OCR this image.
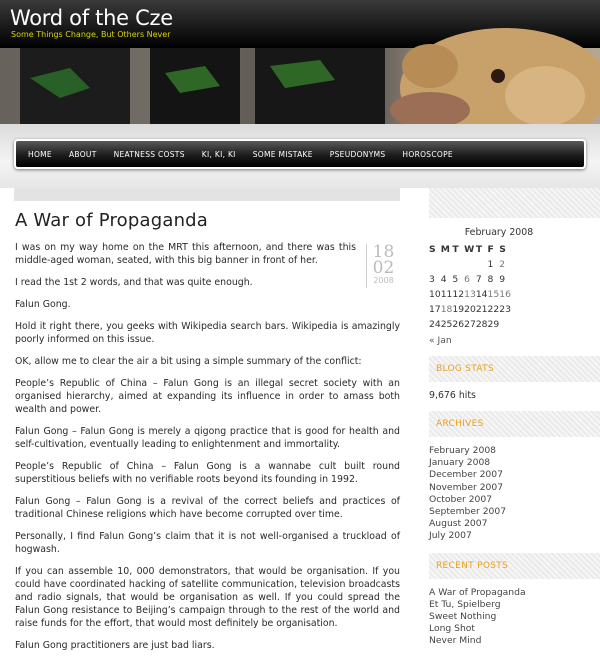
Word of the Cze
Some Things Change, But Others Never
HOME ABOUT NEATNESS COSTS KI, KI, KI SOME MISTAKE PSEUDONYMS HOROSCOPE
A War of Propaganda
18
02
2008

I was on my way home on the MRT this afternoon, and there was this middle-aged woman, seated, with this big banner in front of her.

I read the 1st 2 words, and that was quite enough.

Falun Gong.

Hold it right there, you geeks with Wikipedia search bars. Wikipedia is amazingly poorly informed on this issue.

OK, allow me to clear the air a bit using a simple summary of the conflict:

People’s Republic of China – Falun Gong is an illegal secret society with an organised hierarchy, aimed at expanding its influence in order to amass both wealth and power.

Falun Gong – Falun Gong is merely a qigong practice that is good for health and self-cultivation, eventually leading to enlightenment and immortality.

People’s Republic of China – Falun Gong is a wannabe cult built round superstitious beliefs with no verifiable roots beyond its founding in 1992.

Falun Gong – Falun Gong is a revival of the correct beliefs and practices of traditional Chinese religions which have become corrupted over time.

Personally, I find Falun Gong’s claim that it is not well-organised a truckload of hogwash.

If you can assemble 10, 000 demonstrators, that would be organisation. If you could have coordinated hacking of satellite communication, television broadcasts and radio signals, that would be organisation as well. If you could spread the Falun Gong resistance to Beijing’s campaign through to the rest of the world and raise funds for the effort, that would most definitely be organisation.

Falun Gong practitioners are just bad liars.

February 2008
S	M	T	W	T	F	S
					1	2
3	4	5	6	7	8	9
10	11	12	13	14	15	16
17	18	19	20	21	22	23
24	25	26	27	28	29	
« Jan
BLOG STATS
9,676 hits
ARCHIVES
February 2008
January 2008
December 2007
November 2007
October 2007
September 2007
August 2007
July 2007
RECENT POSTS
A War of Propaganda
Et Tu, Spielberg
Sweet Nothing
Long Shot
Never Mind
